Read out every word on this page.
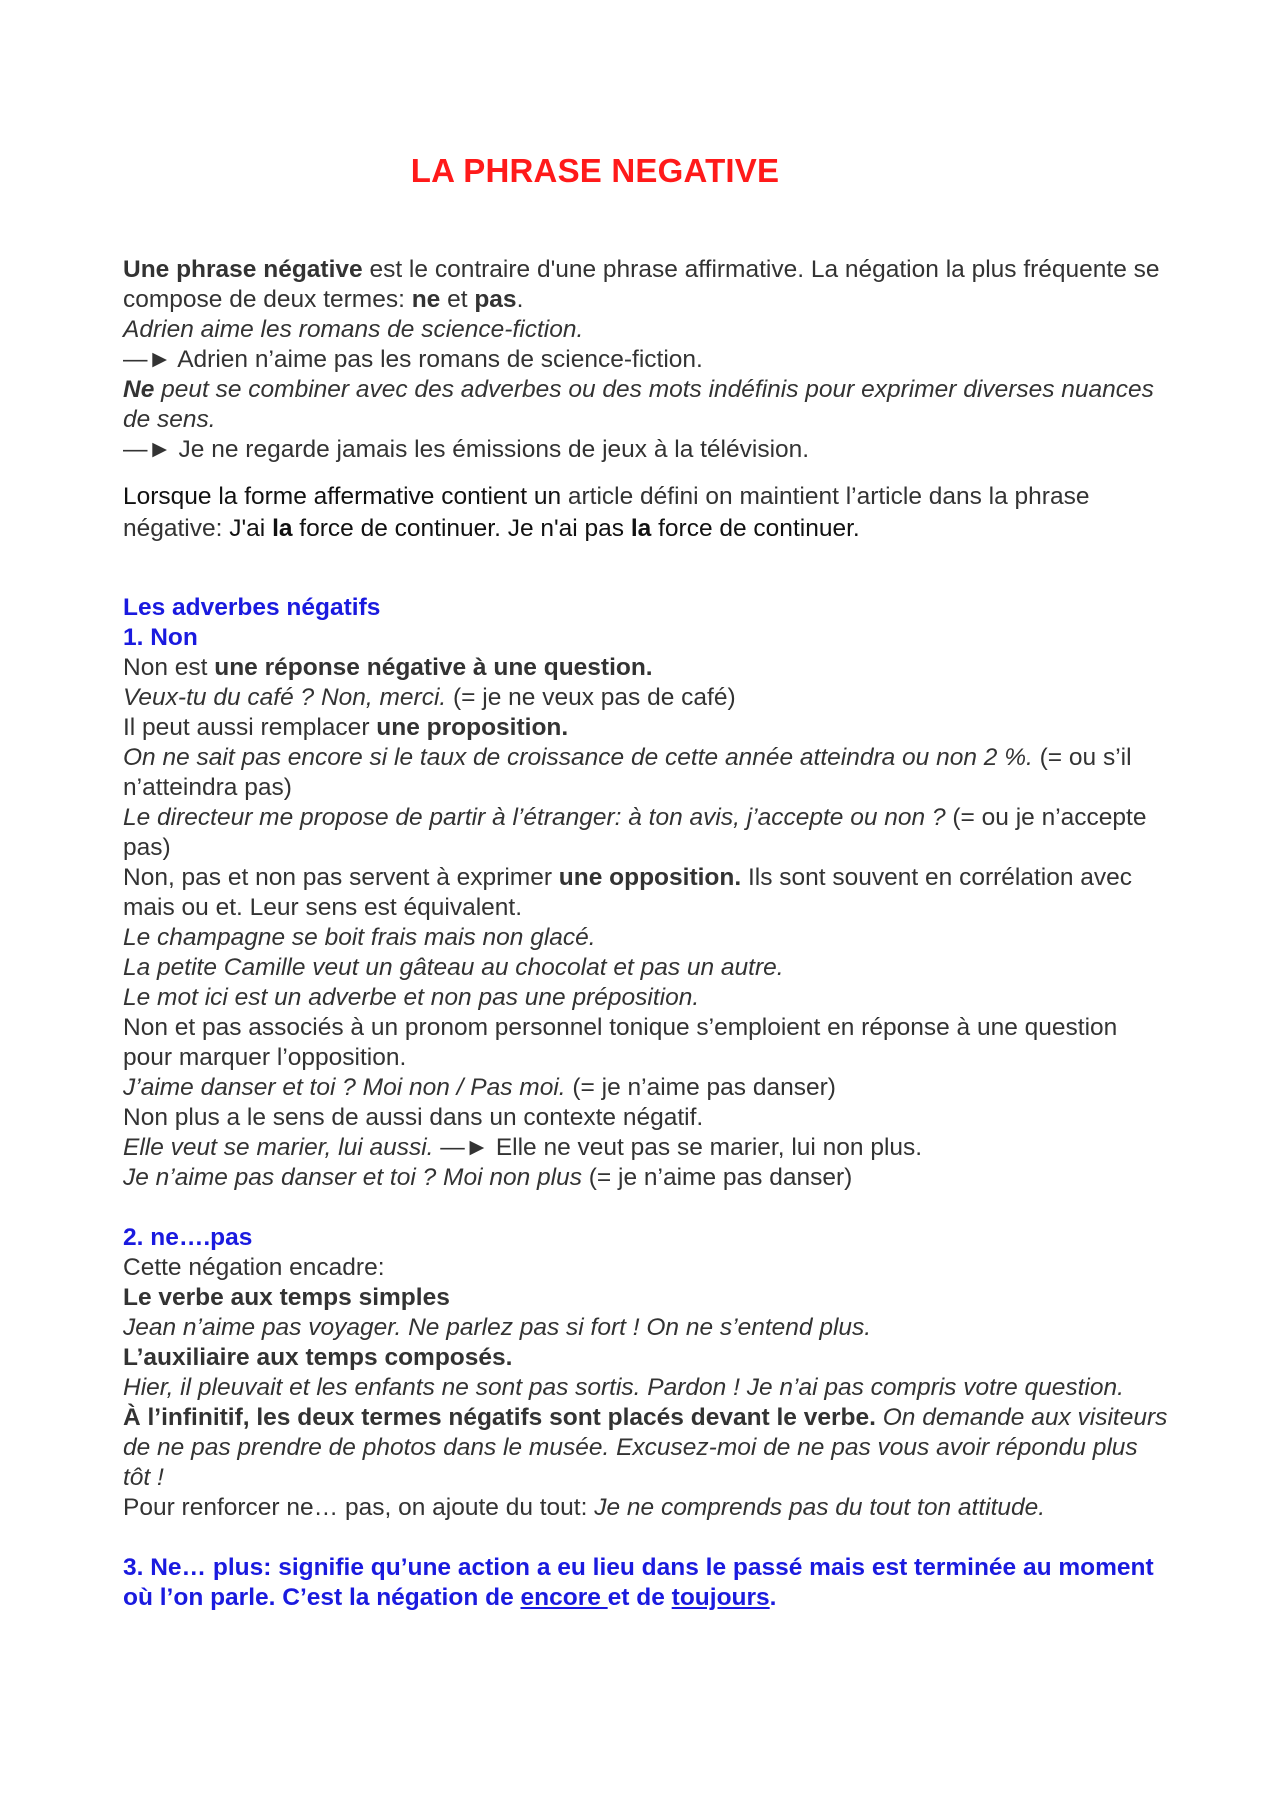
LA PHRASE NEGATIVE

Une phrase négative est le contraire d'une phrase affirmative. La négation la plus fréquente se compose de deux termes: ne et pas.

Adrien aime les romans de science-fiction.

—► Adrien n’aime pas les romans de science-fiction.

Ne peut se combiner avec des adverbes ou des mots indéfinis pour exprimer diverses nuances de sens.

—► Je ne regarde jamais les émissions de jeux à la télévision.

Lorsque la forme affermative contient un article défini on maintient l’article dans la phrase négative: J'ai la force de continuer. Je n'ai pas la force de continuer.

Les adverbes négatifs

1. Non

Non est une réponse négative à une question.

Veux-tu du café ? Non, merci. (= je ne veux pas de café)

Il peut aussi remplacer une proposition.

On ne sait pas encore si le taux de croissance de cette année atteindra ou non 2 %. (= ou s’il n’atteindra pas)

Le directeur me propose de partir à l’étranger: à ton avis, j’accepte ou non ? (= ou je n’accepte pas)

Non, pas et non pas servent à exprimer une opposition. Ils sont souvent en corrélation avec mais ou et. Leur sens est équivalent.

Le champagne se boit frais mais non glacé.

La petite Camille veut un gâteau au chocolat et pas un autre.

Le mot ici est un adverbe et non pas une préposition.

Non et pas associés à un pronom personnel tonique s’emploient en réponse à une question pour marquer l’opposition.

J’aime danser et toi ? Moi non / Pas moi. (= je n’aime pas danser)

Non plus a le sens de aussi dans un contexte négatif.

Elle veut se marier, lui aussi. —► Elle ne veut pas se marier, lui non plus.

Je n’aime pas danser et toi ? Moi non plus (= je n’aime pas danser)

2. ne….pas

Cette négation encadre:

Le verbe aux temps simples

Jean n’aime pas voyager. Ne parlez pas si fort ! On ne s’entend plus.

L’auxiliaire aux temps composés.

Hier, il pleuvait et les enfants ne sont pas sortis. Pardon ! Je n’ai pas compris votre question.

À l’infinitif, les deux termes négatifs sont placés devant le verbe. On demande aux visiteurs de ne pas prendre de photos dans le musée. Excusez-moi de ne pas vous avoir répondu plus tôt !

Pour renforcer ne… pas, on ajoute du tout: Je ne comprends pas du tout ton attitude.

3. Ne… plus: signifie qu’une action a eu lieu dans le passé mais est terminée au moment où l’on parle. C’est la négation de encore et de toujours.
